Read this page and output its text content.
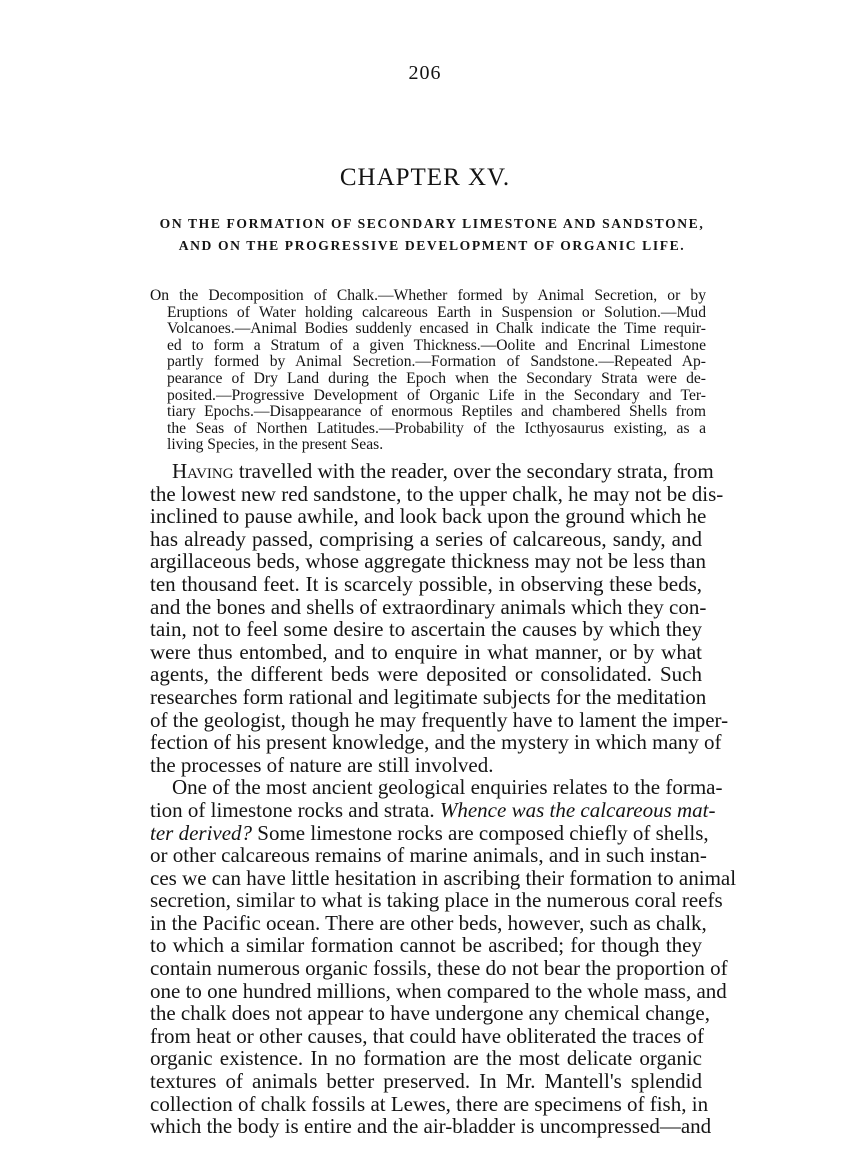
206
CHAPTER XV.
ON THE FORMATION OF SECONDARY LIMESTONE AND SANDSTONE,
AND ON THE PROGRESSIVE DEVELOPMENT OF ORGANIC LIFE.
On the Decomposition of Chalk.—Whether formed by Animal Secretion, or by
Eruptions of Water holding calcareous Earth in Suspension or Solution.—Mud
Volcanoes.—Animal Bodies suddenly encased in Chalk indicate the Time requir-
ed to form a Stratum of a given Thickness.—Oolite and Encrinal Limestone
partly formed by Animal Secretion.—Formation of Sandstone.—Repeated Ap-
pearance of Dry Land during the Epoch when the Secondary Strata were de-
posited.—Progressive Development of Organic Life in the Secondary and Ter-
tiary Epochs.—Disappearance of enormous Reptiles and chambered Shells from
the Seas of Northen Latitudes.—Probability of the Icthyosaurus existing, as a
living Species, in the present Seas.
Having travelled with the reader, over the secondary strata, from
the lowest new red sandstone, to the upper chalk, he may not be dis-
inclined to pause awhile, and look back upon the ground which he
has already passed, comprising a series of calcareous, sandy, and
argillaceous beds, whose aggregate thickness may not be less than
ten thousand feet. It is scarcely possible, in observing these beds,
and the bones and shells of extraordinary animals which they con-
tain, not to feel some desire to ascertain the causes by which they
were thus entombed, and to enquire in what manner, or by what
agents, the different beds were deposited or consolidated. Such
researches form rational and legitimate subjects for the meditation
of the geologist, though he may frequently have to lament the imper-
fection of his present knowledge, and the mystery in which many of
the processes of nature are still involved.
One of the most ancient geological enquiries relates to the forma-
tion of limestone rocks and strata. Whence was the calcareous mat-
ter derived? Some limestone rocks are composed chiefly of shells,
or other calcareous remains of marine animals, and in such instan-
ces we can have little hesitation in ascribing their formation to animal
secretion, similar to what is taking place in the numerous coral reefs
in the Pacific ocean. There are other beds, however, such as chalk,
to which a similar formation cannot be ascribed; for though they
contain numerous organic fossils, these do not bear the proportion of
one to one hundred millions, when compared to the whole mass, and
the chalk does not appear to have undergone any chemical change,
from heat or other causes, that could have obliterated the traces of
organic existence. In no formation are the most delicate organic
textures of animals better preserved. In Mr. Mantell's splendid
collection of chalk fossils at Lewes, there are specimens of fish, in
which the body is entire and the air-bladder is uncompressed—and
